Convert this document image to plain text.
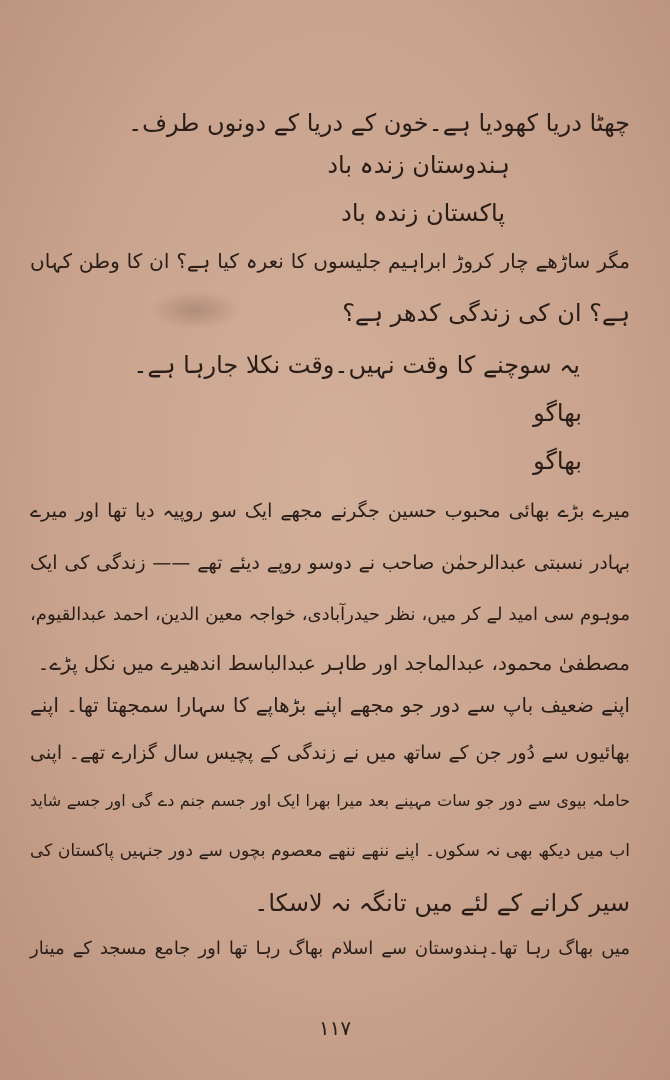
چھٹا دریا کھودیا ہے۔خون کے دریا کے دونوں طرف۔
ہندوستان زندہ باد
پاکستان زندہ باد
مگر ساڑھے چار کروڑ ابراہیم جلیسوں کا نعرہ کیا ہے؟ ان کا وطن کہاں
ہے؟ ان کی زندگی کدھر ہے؟
یہ سوچنے کا وقت نہیں۔وقت نکلا جارہا ہے۔
بھاگو
بھاگو
میرے بڑے بھائی محبوب حسین جگرنے مجھے ایک سو روپیہ دیا تھا اور میرے
بہادر نسبتی عبدالرحمٰن صاحب نے دوسو روپے دیئے تھے —— زندگی کی ایک
موہوم سی امید لے کر میں، نظر حیدرآبادی، خواجہ معین الدین، احمد عبدالقیوم،
مصطفیٰ محمود، عبدالماجد اور طاہر عبدالباسط اندھیرے میں نکل پڑے۔
اپنے ضعیف باپ سے دور جو مجھے اپنے بڑھاپے کا سہارا سمجھتا تھا۔ اپنے
بھائیوں سے دُور جن کے ساتھ میں نے زندگی کے پچیس سال گزارے تھے۔ اپنی
حاملہ بیوی سے دور جو سات مہینے بعد میرا بھرا ایک اور جسم جنم دے گی اور جسے شاید
اب میں دیکھ بھی نہ سکوں۔ اپنے ننھے ننھے معصوم بچوں سے دور جنہیں پاکستان کی
سیر کرانے کے لئے میں تانگہ نہ لاسکا۔
میں بھاگ رہا تھا۔ہندوستان سے اسلام بھاگ رہا تھا اور جامع مسجد کے مینار
۱۱۷
